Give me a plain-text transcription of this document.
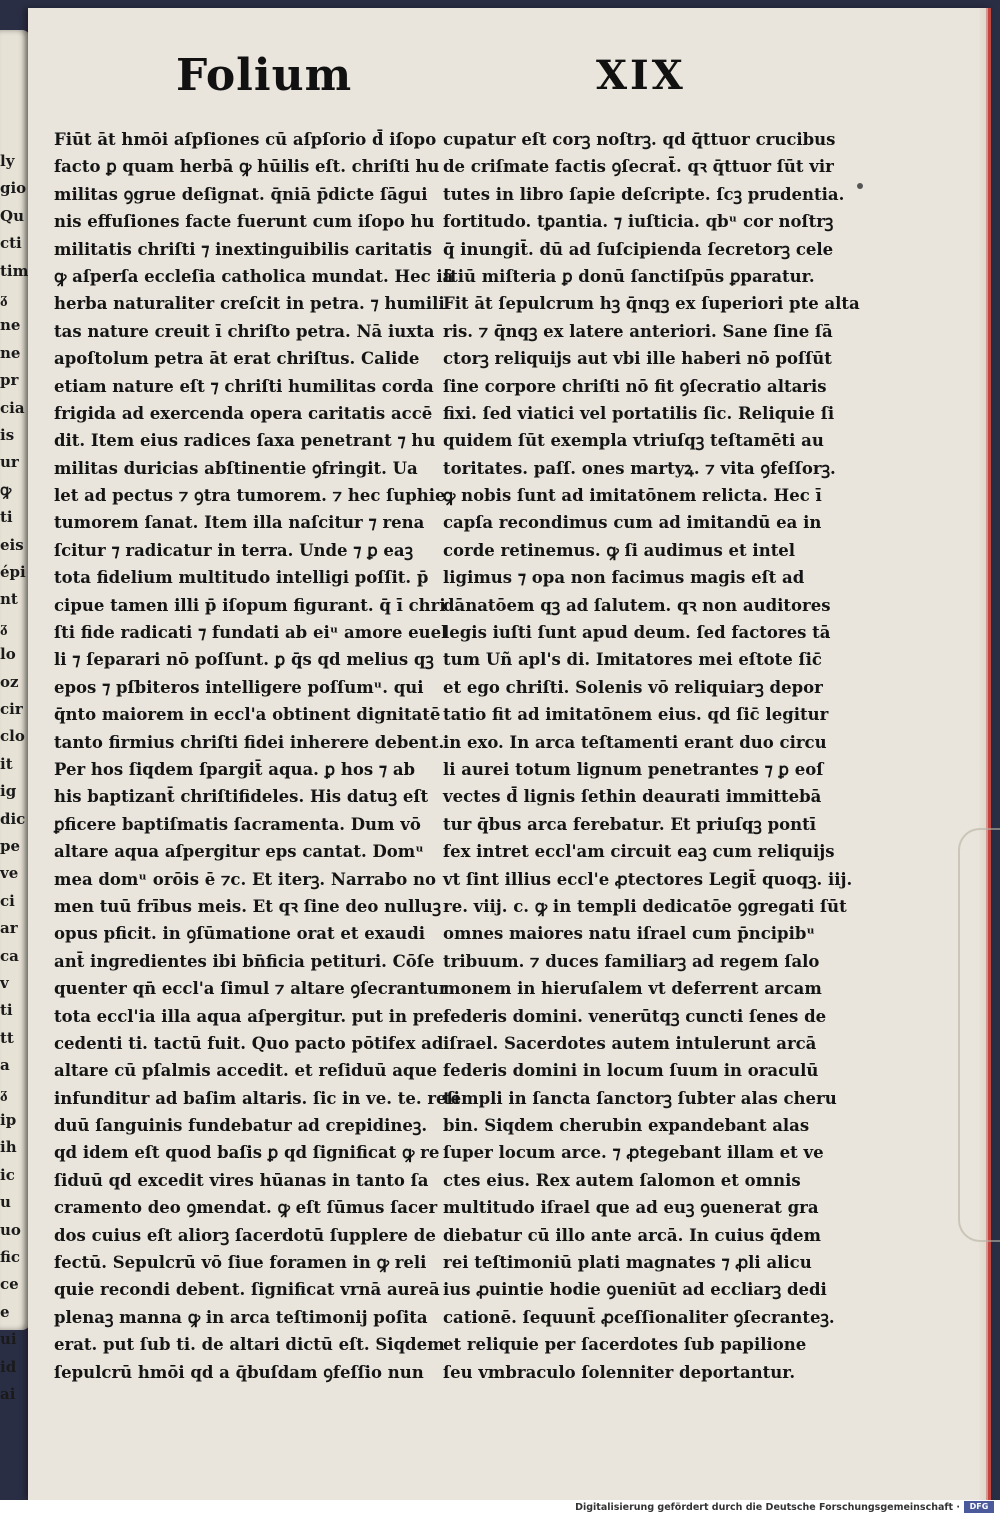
ly
gio
Qu
cti
tim
ᵹ
ne
ne
pr
cia
is
ur
ꝙ
ti
eis
épi
nt
ᵹ
lo
oz
cir
clo
it
ig
dic
pe
ve
ci
ar
ca
v
ti
tt
a
ᵹ
ip
ih
ic
u
uo
fic
ce
e
ui
id
ai
Folium	XIX
Fiūt āt hmōi aſpſiones cū aſpſorio d̄ iſopo
facto ꝑ quam herbā ꝙ hūilis eſt. chriſti hu
militas ꝯgrue deſignat. q̄niā p̄dicte ſāgui
nis effuſiones facte fuerunt cum iſopo hu
militatis chriſti ⁊ inextinguibilis caritatis
ꝙ aſperſa eccleſia catholica mundat. Hec iā
herba naturaliter creſcit in petra. ⁊ humili
tas nature creuit ī chriſto petra. Nā iuxta
apoſtolum petra āt erat chriſtus. Calide
etiam nature eſt ⁊ chriſti humilitas corda
frigida ad exercenda opera caritatis accē
dit. Item eius radices ſaxa penetrant ⁊ hu
militas duricias abſtinentie ꝯfringit. Ua
let ad pectus ⁊ ꝯtra tumorem. ⁊ hec ſuphie
tumorem ſanat. Item illa naſcitur ⁊ rena
ſcitur ⁊ radicatur in terra. Unde ⁊ ꝑ eaꝫ
tota fidelium multitudo intelligi poſſit. p̄
cipue tamen illi p̄ iſopum figurant. q̄ ī chri
ſti fide radicati ⁊ fundati ab eiᵘ amore euel
li ⁊ ſeparari nō poſſunt. ꝑ q̄s qd melius qꝫ
epos ⁊ pſbiteros intelligere poſſumᵘ. qui
q̄nto maiorem in eccl'a obtinent dignitatē
tanto firmius chriſti fidei inherere debent.
Per hos ſiqdem ſpargit̄ aqua. ꝑ hos ⁊ ab
his baptizant̄ chriſtifideles. His datuꝫ eſt
ꝑficere baptiſmatis ſacramenta. Dum vō
altare aqua aſpergitur eps cantat. Domᵘ
mea domᵘ orōis ē ⁊c. Et iterꝫ. Narrabo no
men tuū frībus meis. Et qꝛ ſine deo nulluꝫ
opus pficit. in ꝯſūmatione orat et exaudi
ant̄ ingredientes ibi bn̄ficia petituri. Cōſe
quenter qn̄ eccl'a ſimul ⁊ altare ꝯſecrantur
tota eccl'ia illa aqua aſpergitur. put in pre
cedenti ti. tactū fuit. Quo pacto pōtifex ad
altare cū pſalmis accedit. et reſiduū aque
infunditur ad baſim altaris. ſic in ve. te. reſi
duū ſanguinis fundebatur ad crepidineꝫ.
qd idem eſt quod baſis ꝑ qd ſignificat ꝙ re
ſiduū qd excedit vires hūanas in tanto ſa
cramento deo ꝯmendat. ꝙ eſt ſūmus ſacer
dos cuius eſt aliorꝫ ſacerdotū ſupplere de
fectū. Sepulcrū vō ſiue foramen in ꝙ reli
quie recondi debent. ſignificat vrnā aureā
plenaꝫ manna ꝙ in arca teſtimonij poſita
erat. put ſub ti. de altari dictū eſt. Siqdem
ſepulcrū hmōi qd a q̄buſdam ꝯfeſſio nun
cupatur eſt corꝫ noſtrꝫ. qd q̄ttuor crucibus
de criſmate factis ꝯſecrat̄. qꝛ q̄ttuor ſūt vir
tutes in libro ſapie deſcripte. ſcꝫ prudentia.
fortitudo. tꝑantia. ⁊ iuſticia. qbᵘ cor noſtrꝫ
q̄ inungit̄. dū ad ſuſcipienda ſecretorꝫ cele
ſtiū miſteria ꝑ donū ſanctiſpūs ꝑparatur.
Fit āt ſepulcrum hꝫ q̄nqꝫ ex ſuperiori pte alta
ris. ⁊ q̄nqꝫ ex latere anteriori. Sane ſine ſā
ctorꝫ reliquijs aut vbi ille haberi nō poſſūt
ſine corpore chriſti nō fit ꝯſecratio altaris
fixi. ſed viatici vel portatilis ſic. Reliquie ſi
quidem ſūt exempla vtriuſqꝫ teſtamēti au
toritates. paſſ. ones martyꝝ. ⁊ vita ꝯfeſſorꝫ.
ꝙ nobis ſunt ad imitatōnem relicta. Hec ī
capſa recondimus cum ad imitandū ea in
corde retinemus. ꝙ ſi audimus et intel
ligimus ⁊ opa non facimus magis eſt ad
dānatōem qꝫ ad ſalutem. qꝛ non auditores
legis iuſti ſunt apud deum. ſed factores tā
tum Uñ apl's di. Imitatores mei eſtote ſic̄
et ego chriſti. Solenis vō reliquiarꝫ depor
tatio fit ad imitatōnem eius. qd ſic̄ legitur
in exo. In arca teſtamenti erant duo circu
li aurei totum lignum penetrantes ⁊ ꝑ eoſ
vectes d̄ lignis ſethin deaurati immittebā
tur q̄bus arca ferebatur. Et priuſqꝫ pontī
fex intret eccl'am circuit eaꝫ cum reliquijs
vt ſint illius eccl'e ꝓtectores Legit̄ quoqꝫ. iij.
re. viij. c. ꝙ in templi dedicatōe ꝯgregati ſūt
omnes maiores natu iſrael cum p̄ncipibᵘ
tribuum. ⁊ duces familiarꝫ ad regem ſalo
monem in hieruſalem vt deferrent arcam
federis domini. venerūtqꝫ cuncti ſenes de
iſrael. Sacerdotes autem intulerunt arcā
federis domini in locum ſuum in oraculū
templi in ſancta ſanctorꝫ ſubter alas cheru
bin. Siqdem cherubin expandebant alas
ſuper locum arce. ⁊ ꝓtegebant illam et ve
ctes eius. Rex autem ſalomon et omnis
multitudo iſrael que ad euꝫ ꝯuenerat gra
diebatur cū illo ante arcā. In cuius q̄dem
rei teſtimoniū plati magnates ⁊ ꝓli alicu
ius ꝓuintie hodie ꝯueniūt ad eccliarꝫ dedi
cationē. ſequunt̄ ꝓceſſionaliter ꝯſecranteꝫ.
et reliquie per ſacerdotes ſub papilione
ſeu vmbraculo ſolenniter deportantur.
Digitalisierung gefördert durch die Deutsche Forschungsgemeinschaft ·	DFG
